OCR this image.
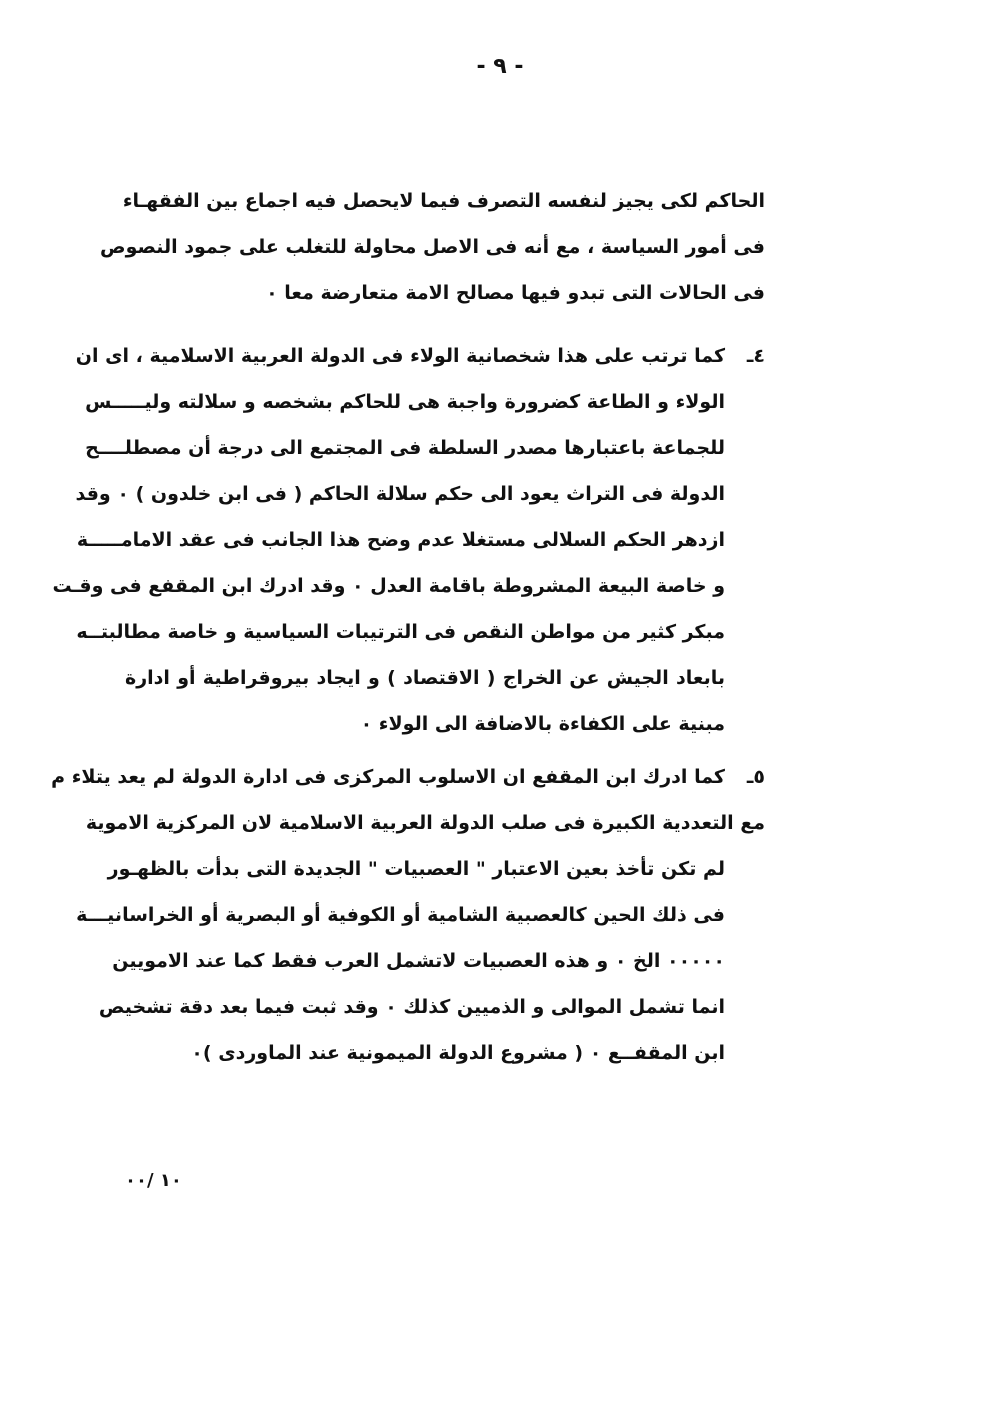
- ٩ -
الحاكم لكى يجيز لنفسه التصرف فيما لايحصل فيه اجماع بين الفقهـاء
فى أمور السياسة ، مع أنه فى الاصل محاولة للتغلب على جمود النصوص
فى الحالات التى تبدو فيها مصالح الامة متعارضة معا ٠
٤ـ
كما ترتب على هذا شخصانية الولاء فى الدولة العربية الاسلامية ، اى ان
الولاء و الطاعة كضرورة واجبة هى للحاكم بشخصه و سلالته وليـــــس
للجماعة باعتبارها مصدر السلطة فى المجتمع الى درجة أن مصطلــــح
الدولة فى التراث يعود الى حكم سلالة الحاكم ( فى ابن خلدون ) ٠ وقد
ازدهر الحكم السلالى مستغلا عدم وضح هذا الجانب فى عقد الامامـــــة
و خاصة البيعة المشروطة باقامة العدل ٠ وقد ادرك ابن المقفع فى وقـت
مبكر كثير من مواطن النقص فى الترتيبات السياسية و خاصة مطالبتــه
بابعاد الجيش عن الخراج ( الاقتصاد ) و ايجاد بيروقراطية أو ادارة
مبنية على الكفاءة بالاضافة الى الولاء ٠
٥ـ
كما ادرك ابن المقفع ان الاسلوب المركزى فى ادارة الدولة لم يعد يتلاء م
مع التعددية الكبيرة فى صلب الدولة العربية الاسلامية لان المركزية الاموية
لم تكن تأخذ بعين الاعتبار " العصبيات " الجديدة التى بدأت بالظهـور
فى ذلك الحين كالعصبية الشامية أو الكوفية أو البصرية أو الخراسانيـــة
٠٠٠٠٠ الخ ٠ و هذه العصبيات لاتشمل العرب فقط كما عند الامويين
انما تشمل الموالى و الذميين كذلك ٠ وقد ثبت فيما بعد دقة تشخيص
ابن المقفــع ٠ ( مشروع الدولة الميمونية عند الماوردى )٠
١٠ /٠٠
